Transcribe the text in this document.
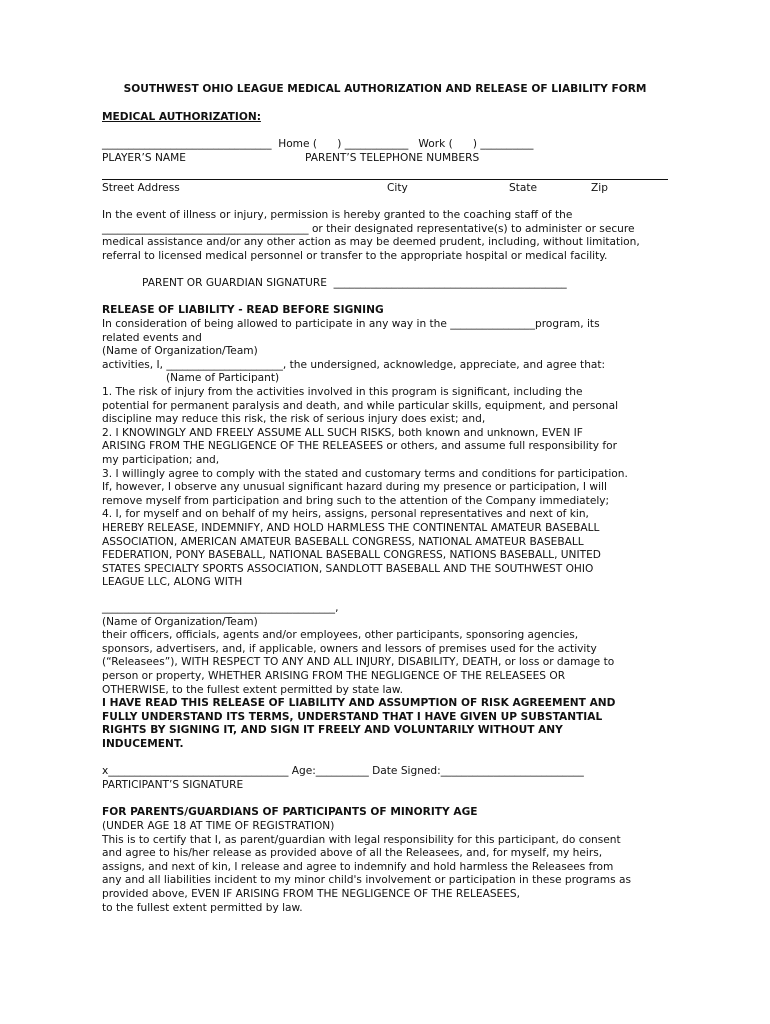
SOUTHWEST OHIO LEAGUE MEDICAL AUTHORIZATION AND RELEASE OF LIABILITY FORM
MEDICAL AUTHORIZATION:
________________________________  Home (      ) ____________   Work (      ) __________
PLAYER’S NAME	PARENT’S TELEPHONE NUMBERS
Street Address	City	State	Zip
In the event of illness or injury, permission is hereby granted to the coaching staff of the
_______________________________________ or their designated representative(s) to administer or secure
medical assistance and/or any other action as may be deemed prudent, including, without limitation,
referral to licensed medical personnel or transfer to the appropriate hospital or medical facility.
PARENT OR GUARDIAN SIGNATURE  ____________________________________________
RELEASE OF LIABILITY - READ BEFORE SIGNING
In consideration of being allowed to participate in any way in the ________________program, its
related events and
(Name of Organization/Team)
activities, I, ______________________, the undersigned, acknowledge, appreciate, and agree that:
(Name of Participant)
1. The risk of injury from the activities involved in this program is significant, including the
potential for permanent paralysis and death, and while particular skills, equipment, and personal
discipline may reduce this risk, the risk of serious injury does exist; and,
2. I KNOWINGLY AND FREELY ASSUME ALL SUCH RISKS, both known and unknown, EVEN IF
ARISING FROM THE NEGLIGENCE OF THE RELEASEES or others, and assume full responsibility for
my participation; and,
3. I willingly agree to comply with the stated and customary terms and conditions for participation.
If, however, I observe any unusual significant hazard during my presence or participation, I will
remove myself from participation and bring such to the attention of the Company immediately;
4. I, for myself and on behalf of my heirs, assigns, personal representatives and next of kin,
HEREBY RELEASE, INDEMNIFY, AND HOLD HARMLESS THE CONTINENTAL AMATEUR BASEBALL
ASSOCIATION, AMERICAN AMATEUR BASEBALL CONGRESS, NATIONAL AMATEUR BASEBALL
FEDERATION, PONY BASEBALL, NATIONAL BASEBALL CONGRESS, NATIONS BASEBALL, UNITED
STATES SPECIALTY SPORTS ASSOCIATION, SANDLOTT BASEBALL AND THE SOUTHWEST OHIO
LEAGUE LLC, ALONG WITH
____________________________________________,
(Name of Organization/Team)
their officers, officials, agents and/or employees, other participants, sponsoring agencies,
sponsors, advertisers, and, if applicable, owners and lessors of premises used for the activity
(“Releasees”), WITH RESPECT TO ANY AND ALL INJURY, DISABILITY, DEATH, or loss or damage to
person or property, WHETHER ARISING FROM THE NEGLIGENCE OF THE RELEASEES OR
OTHERWISE, to the fullest extent permitted by state law.
I HAVE READ THIS RELEASE OF LIABILITY AND ASSUMPTION OF RISK AGREEMENT AND
FULLY UNDERSTAND ITS TERMS, UNDERSTAND THAT I HAVE GIVEN UP SUBSTANTIAL
RIGHTS BY SIGNING IT, AND SIGN IT FREELY AND VOLUNTARILY WITHOUT ANY
INDUCEMENT.
x__________________________________ Age:__________ Date Signed:___________________________
PARTICIPANT’S SIGNATURE
FOR PARENTS/GUARDIANS OF PARTICIPANTS OF MINORITY AGE
(UNDER AGE 18 AT TIME OF REGISTRATION)
This is to certify that I, as parent/guardian with legal responsibility for this participant, do consent
and agree to his/her release as provided above of all the Releasees, and, for myself, my heirs,
assigns, and next of kin, I release and agree to indemnify and hold harmless the Releasees from
any and all liabilities incident to my minor child's involvement or participation in these programs as
provided above, EVEN IF ARISING FROM THE NEGLIGENCE OF THE RELEASEES,
to the fullest extent permitted by law.
